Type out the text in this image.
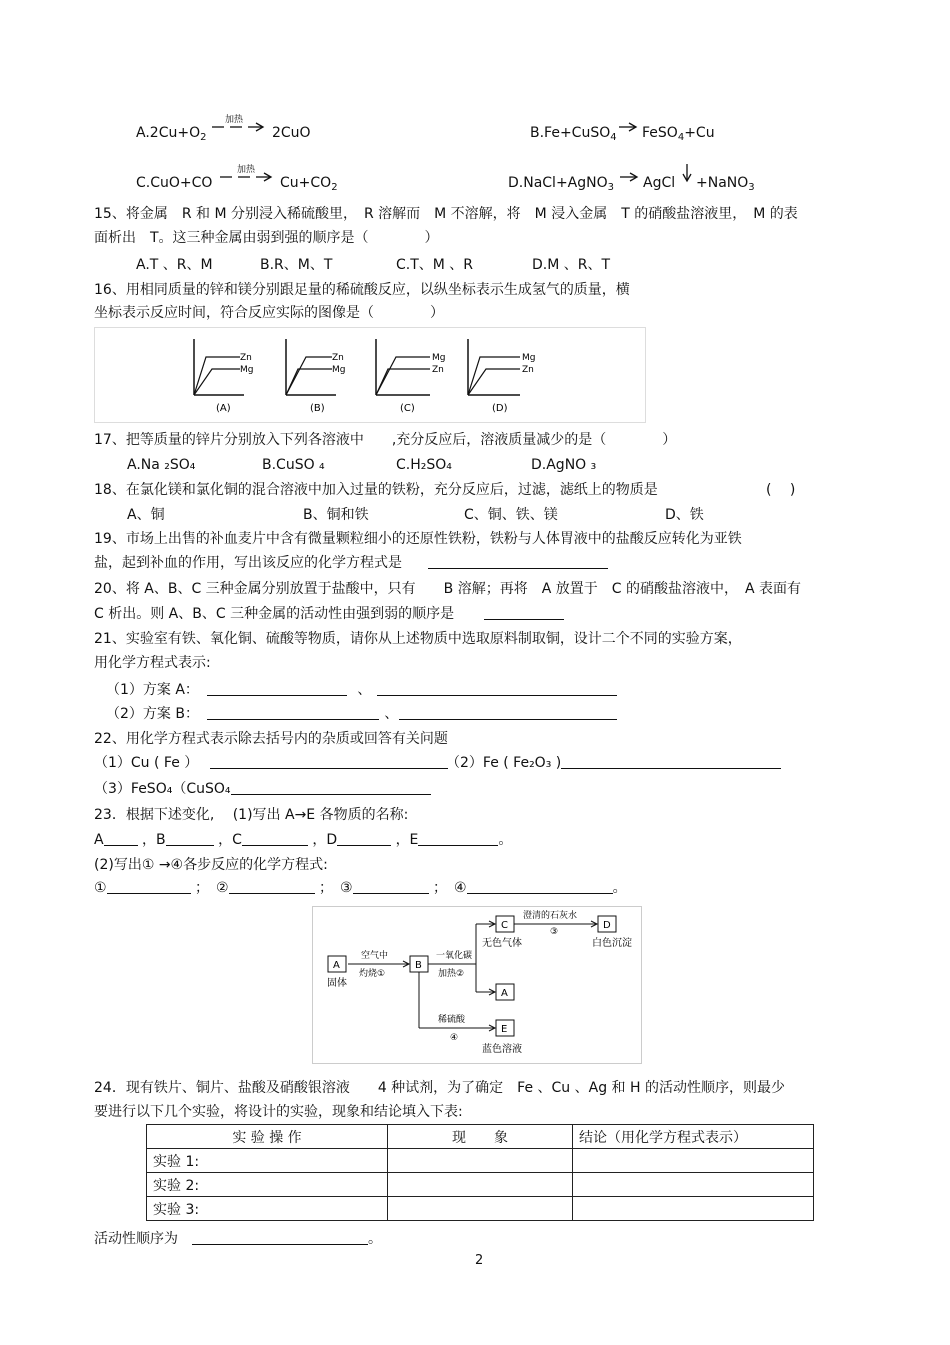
$A.2Cu+O_2$
加热
2CuO	B.Fe+CuSO$_4$ FeSO$_4$+Cu
C.CuO+CO
加热
$Cu+CO_2$	D.NaCl+AgNO$_3$ AgCl +NaNO$_3$
15、将金属　R 和 M 分别浸入稀硫酸里，　R 溶解而　M 不溶解，将　M 浸入金属　T 的硝酸盐溶液里，　M 的表
面析出　T。这三种金属由弱到强的顺序是（　　　　）
A.T 、R、M	B.R、M、T	C.T、M 、R	D.M 、R、T
16、用相同质量的锌和镁分别跟足量的稀硫酸反应，以纵坐标表示生成氢气的质量，横
坐标表示反应时间，符合反应实际的图像是（　　　　）
Zn
Mg
(A)
Zn
Mg
(B)
Mg
Zn
(C)
Mg
Zn
(D)
17、把等质量的锌片分别放入下列各溶液中　　,充分反应后，溶液质量减少的是（　　　　）
A.Na ₂SO₄	B.CuSO ₄	C.H₂SO₄	D.AgNO ₃
18、在氯化镁和氯化铜的混合溶液中加入过量的铁粉，充分反应后，过滤，滤纸上的物质是	(　 )
A、铜	B、铜和铁	C、铜、铁、镁	D、铁
19、市场上出售的补血麦片中含有微量颗粒细小的还原性铁粉，铁粉与人体胃液中的盐酸反应转化为亚铁
盐，起到补血的作用，写出该反应的化学方程式是
20、将 A、B、C 三种金属分别放置于盐酸中，只有　　B 溶解；再将　A 放置于　C 的硝酸盐溶液中，　A 表面有
C 析出。则 A、B、C 三种金属的活动性由强到弱的顺序是
21、实验室有铁、氧化铜、硫酸等物质，请你从上述物质中选取原料制取铜，设计二个不同的实验方案，
用化学方程式表示:
（1）方案 A：	、
（2）方案 B：	、
22、用化学方程式表示除去括号内的杂质或回答有关问题
（1）Cu ( Fe ）	（2）Fe ( Fe₂O₃ )
（3）FeSO₄（CuSO₄
23．根据下述变化,　 (1)写出 A→E 各物质的名称:
A	，B	，C	，D	，E	。
(2)写出① →④各步反应的化学方程式:
①	；　②	；　③	；　④	。
A
固体
空气中
灼烧①
B
一氧化碳
加热②
C
无色气体
澄清的石灰水
③
D
白色沉淀
A
稀硫酸
④
E
蓝色溶液
24．现有铁片、铜片、盐酸及硝酸银溶液　　4 种试剂，为了确定　Fe 、Cu 、Ag 和 H 的活动性顺序，则最少
要进行以下几个实验，将设计的实验，现象和结论填入下表:
实 验 操 作	现　　象	结论（用化学方程式表示）
实验 1:		
实验 2:		
实验 3:		
活动性顺序为	。
2
